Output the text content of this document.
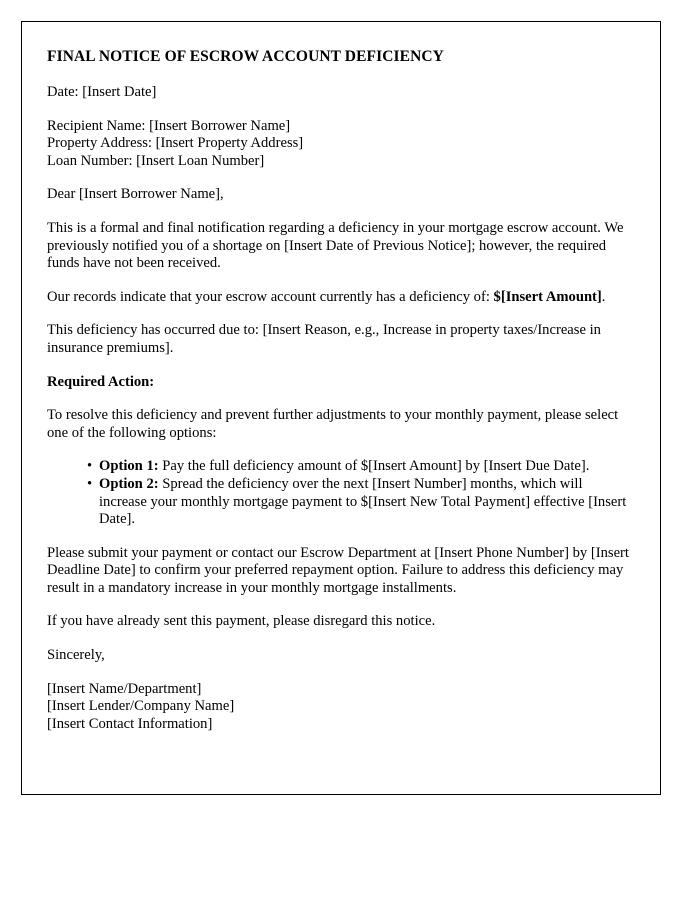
FINAL NOTICE OF ESCROW ACCOUNT DEFICIENCY

Date: [Insert Date]

Recipient Name: [Insert Borrower Name]

Property Address: [Insert Property Address]

Loan Number: [Insert Loan Number]

Dear [Insert Borrower Name],

This is a formal and final notification regarding a deficiency in your mortgage escrow account. We previously notified you of a shortage on [Insert Date of Previous Notice]; however, the required funds have not been received.

Our records indicate that your escrow account currently has a deficiency of: $[Insert Amount].

This deficiency has occurred due to: [Insert Reason, e.g., Increase in property taxes/Increase in insurance premiums].

Required Action:

To resolve this deficiency and prevent further adjustments to your monthly payment, please select one of the following options:

• Option 1: Pay the full deficiency amount of $[Insert Amount] by [Insert Due Date].
• Option 2: Spread the deficiency over the next [Insert Number] months, which will increase your monthly mortgage payment to $[Insert New Total Payment] effective [Insert Date].

Please submit your payment or contact our Escrow Department at [Insert Phone Number] by [Insert Deadline Date] to confirm your preferred repayment option. Failure to address this deficiency may result in a mandatory increase in your monthly mortgage installments.

If you have already sent this payment, please disregard this notice.

Sincerely,

[Insert Name/Department]

[Insert Lender/Company Name]

[Insert Contact Information]
